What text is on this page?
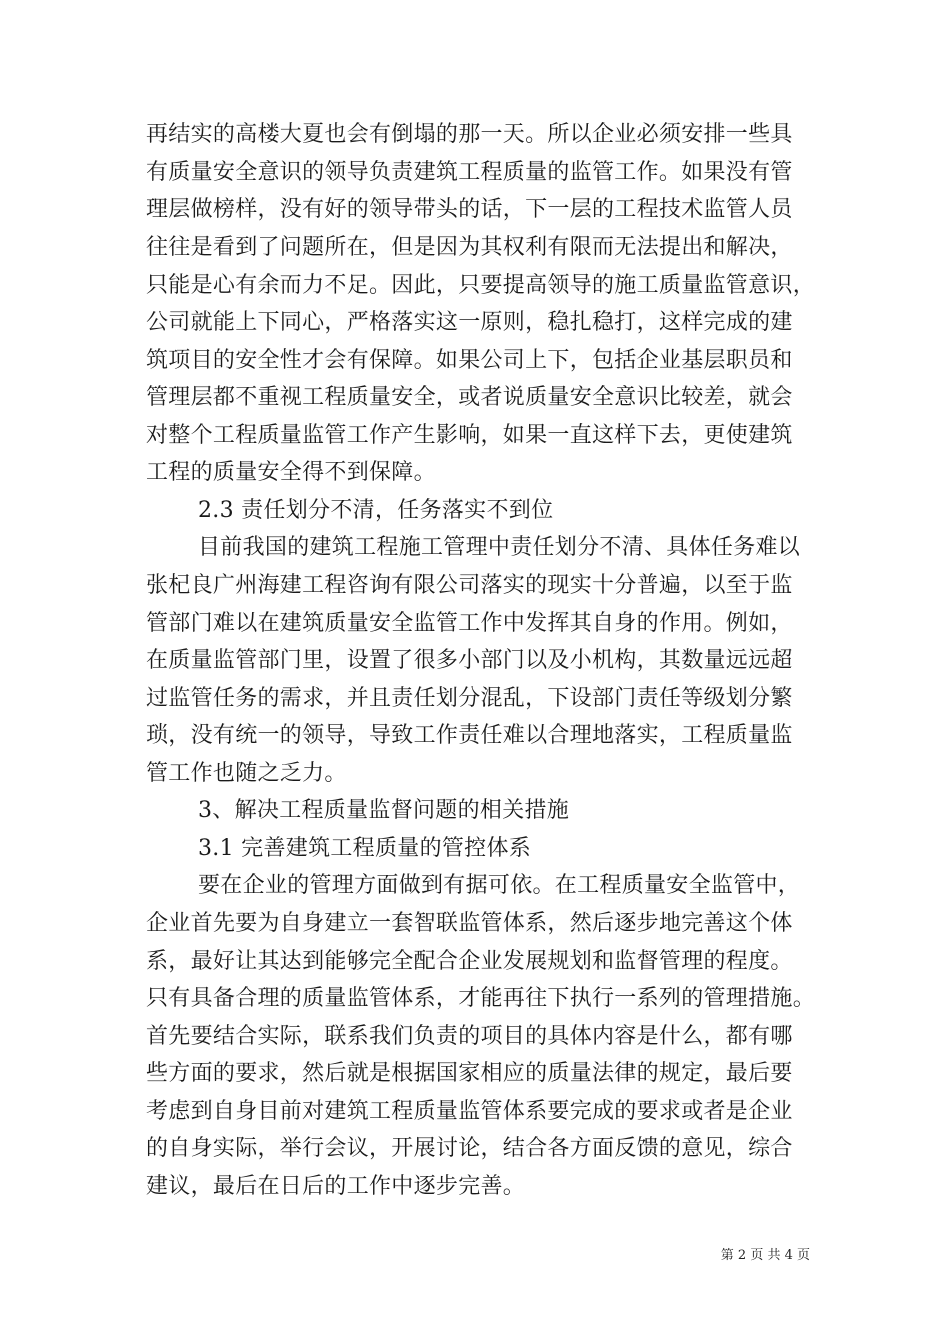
再结实的高楼大夏也会有倒塌的那一天。所以企业必须安排一些具
有质量安全意识的领导负责建筑工程质量的监管工作。如果没有管
理层做榜样，没有好的领导带头的话，下一层的工程技术监管人员
往往是看到了问题所在，但是因为其权利有限而无法提出和解决，
只能是心有余而力不足。因此，只要提高领导的施工质量监管意识，
公司就能上下同心，严格落实这一原则，稳扎稳打，这样完成的建
筑项目的安全性才会有保障。如果公司上下，包括企业基层职员和
管理层都不重视工程质量安全，或者说质量安全意识比较差，就会
对整个工程质量监管工作产生影响，如果一直这样下去，更使建筑
工程的质量安全得不到保障。
2.3 责任划分不清，任务落实不到位
目前我国的建筑工程施工管理中责任划分不清、具体任务难以
张杞良广州海建工程咨询有限公司落实的现实十分普遍，以至于监
管部门难以在建筑质量安全监管工作中发挥其自身的作用。例如，
在质量监管部门里，设置了很多小部门以及小机构，其数量远远超
过监管任务的需求，并且责任划分混乱，下设部门责任等级划分繁
琐，没有统一的领导，导致工作责任难以合理地落实，工程质量监
管工作也随之乏力。
3、解决工程质量监督问题的相关措施
3.1 完善建筑工程质量的管控体系
要在企业的管理方面做到有据可依。在工程质量安全监管中，
企业首先要为自身建立一套智联监管体系，然后逐步地完善这个体
系，最好让其达到能够完全配合企业发展规划和监督管理的程度。
只有具备合理的质量监管体系，才能再往下执行一系列的管理措施。
首先要结合实际，联系我们负责的项目的具体内容是什么，都有哪
些方面的要求，然后就是根据国家相应的质量法律的规定，最后要
考虑到自身目前对建筑工程质量监管体系要完成的要求或者是企业
的自身实际，举行会议，开展讨论，结合各方面反馈的意见，综合
建议，最后在日后的工作中逐步完善。
第 2 页 共 4 页
